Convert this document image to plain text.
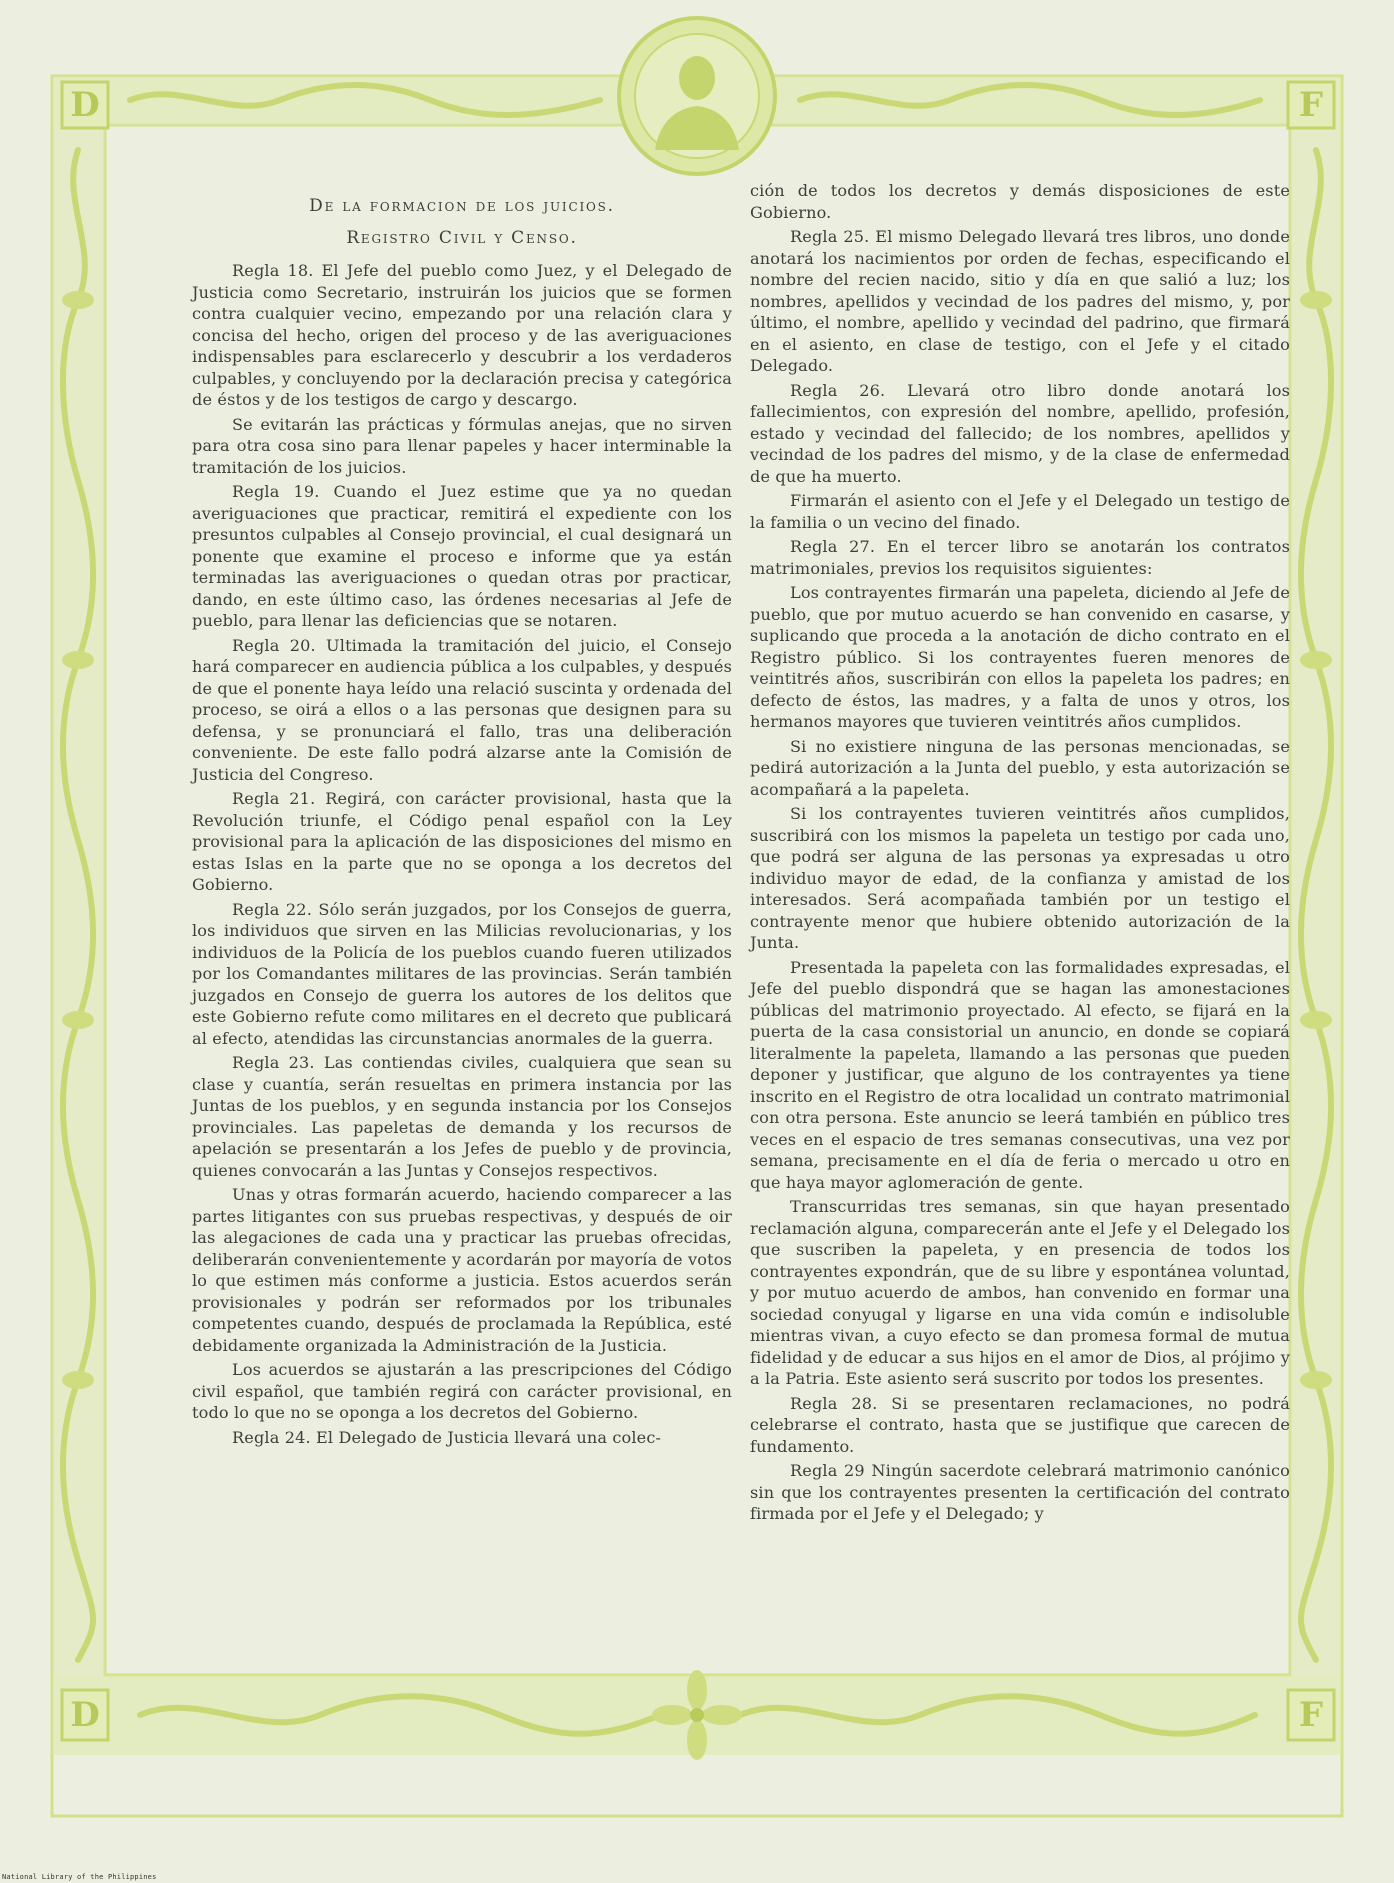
D	F
D	F
De la formacion de los juicios.
Registro Civil y Censo.

Regla 18. El Jefe del pueblo como Juez, y el Delegado de Justicia como Secretario, instruirán los juicios que se formen contra cualquier vecino, empezando por una relación clara y concisa del hecho, origen del proceso y de las averiguaciones indispensables para esclarecerlo y descubrir a los verdaderos culpables, y concluyendo por la declaración precisa y categórica de éstos y de los testigos de cargo y descargo.

Se evitarán las prácticas y fórmulas anejas, que no sirven para otra cosa sino para llenar papeles y hacer interminable la tramitación de los juicios.

Regla 19. Cuando el Juez estime que ya no quedan averiguaciones que practicar, remitirá el expediente con los presuntos culpables al Consejo provincial, el cual designará un ponente que examine el proceso e informe que ya están terminadas las averiguaciones o quedan otras por practicar, dando, en este último caso, las órdenes necesarias al Jefe de pueblo, para llenar las deficiencias que se notaren.

Regla 20. Ultimada la tramitación del juicio, el Consejo hará comparecer en audiencia pública a los culpables, y después de que el ponente haya leído una relació suscinta y ordenada del proceso, se oirá a ellos o a las personas que designen para su defensa, y se pronunciará el fallo, tras una deliberación conveniente. De este fallo podrá alzarse ante la Comisión de Justicia del Congreso.

Regla 21. Regirá, con carácter provisional, hasta que la Revolución triunfe, el Código penal español con la Ley provisional para la aplicación de las disposiciones del mismo en estas Islas en la parte que no se oponga a los decretos del Gobierno.

Regla 22. Sólo serán juzgados, por los Consejos de guerra, los individuos que sirven en las Milicias revolucionarias, y los individuos de la Policía de los pueblos cuando fueren utilizados por los Comandantes militares de las provincias. Serán también juzgados en Consejo de guerra los autores de los delitos que este Gobierno refute como militares en el decreto que publicará al efecto, atendidas las circunstancias anormales de la guerra.

Regla 23. Las contiendas civiles, cualquiera que sean su clase y cuantía, serán resueltas en primera instancia por las Juntas de los pueblos, y en segunda instancia por los Consejos provinciales. Las papeletas de demanda y los recursos de apelación se presentarán a los Jefes de pueblo y de provincia, quienes convocarán a las Juntas y Consejos respectivos.

Unas y otras formarán acuerdo, haciendo comparecer a las partes litigantes con sus pruebas respectivas, y después de oir las alegaciones de cada una y practicar las pruebas ofrecidas, deliberarán convenientemente y acordarán por mayoría de votos lo que estimen más conforme a justicia. Estos acuerdos serán provisionales y podrán ser reformados por los tribunales competentes cuando, después de proclamada la República, esté debidamente organizada la Administración de la Justicia.

Los acuerdos se ajustarán a las prescripciones del Código civil español, que también regirá con carácter provisional, en todo lo que no se oponga a los decretos del Gobierno.

Regla 24. El Delegado de Justicia llevará una colec-

ción de todos los decretos y demás disposiciones de este Gobierno.

Regla 25. El mismo Delegado llevará tres libros, uno donde anotará los nacimientos por orden de fechas, especificando el nombre del recien nacido, sitio y día en que salió a luz; los nombres, apellidos y vecindad de los padres del mismo, y, por último, el nombre, apellido y vecindad del padrino, que firmará en el asiento, en clase de testigo, con el Jefe y el citado Delegado.

Regla 26. Llevará otro libro donde anotará los fallecimientos, con expresión del nombre, apellido, profesión, estado y vecindad del fallecido; de los nombres, apellidos y vecindad de los padres del mismo, y de la clase de enfermedad de que ha muerto.

Firmarán el asiento con el Jefe y el Delegado un testigo de la familia o un vecino del finado.

Regla 27. En el tercer libro se anotarán los contratos matrimoniales, previos los requisitos siguientes:

Los contrayentes firmarán una papeleta, diciendo al Jefe de pueblo, que por mutuo acuerdo se han convenido en casarse, y suplicando que proceda a la anotación de dicho contrato en el Registro público. Si los contrayentes fueren menores de veintitrés años, suscribirán con ellos la papeleta los padres; en defecto de éstos, las madres, y a falta de unos y otros, los hermanos mayores que tuvieren veintitrés años cumplidos.

Si no existiere ninguna de las personas mencionadas, se pedirá autorización a la Junta del pueblo, y esta autorización se acompañará a la papeleta.

Si los contrayentes tuvieren veintitrés años cumplidos, suscribirá con los mismos la papeleta un testigo por cada uno, que podrá ser alguna de las personas ya expresadas u otro individuo mayor de edad, de la confianza y amistad de los interesados. Será acompañada también por un testigo el contrayente menor que hubiere obtenido autorización de la Junta.

Presentada la papeleta con las formalidades expresadas, el Jefe del pueblo dispondrá que se hagan las amonestaciones públicas del matrimonio proyectado. Al efecto, se fijará en la puerta de la casa consistorial un anuncio, en donde se copiará literalmente la papeleta, llamando a las personas que pueden deponer y justificar, que alguno de los contrayentes ya tiene inscrito en el Registro de otra localidad un contrato matrimonial con otra persona. Este anuncio se leerá también en público tres veces en el espacio de tres semanas consecutivas, una vez por semana, precisamente en el día de feria o mercado u otro en que haya mayor aglomeración de gente.

Transcurridas tres semanas, sin que hayan presentado reclamación alguna, comparecerán ante el Jefe y el Delegado los que suscriben la papeleta, y en presencia de todos los contrayentes expondrán, que de su libre y espontánea voluntad, y por mutuo acuerdo de ambos, han convenido en formar una sociedad conyugal y ligarse en una vida común e indisoluble mientras vivan, a cuyo efecto se dan promesa formal de mutua fidelidad y de educar a sus hijos en el amor de Dios, al prójimo y a la Patria. Este asiento será suscrito por todos los presentes.

Regla 28. Si se presentaren reclamaciones, no podrá celebrarse el contrato, hasta que se justifique que carecen de fundamento.

Regla 29 Ningún sacerdote celebrará matrimonio canónico sin que los contrayentes presenten la certificación del contrato firmada por el Jefe y el Delegado; y

National Library of the Philippines
